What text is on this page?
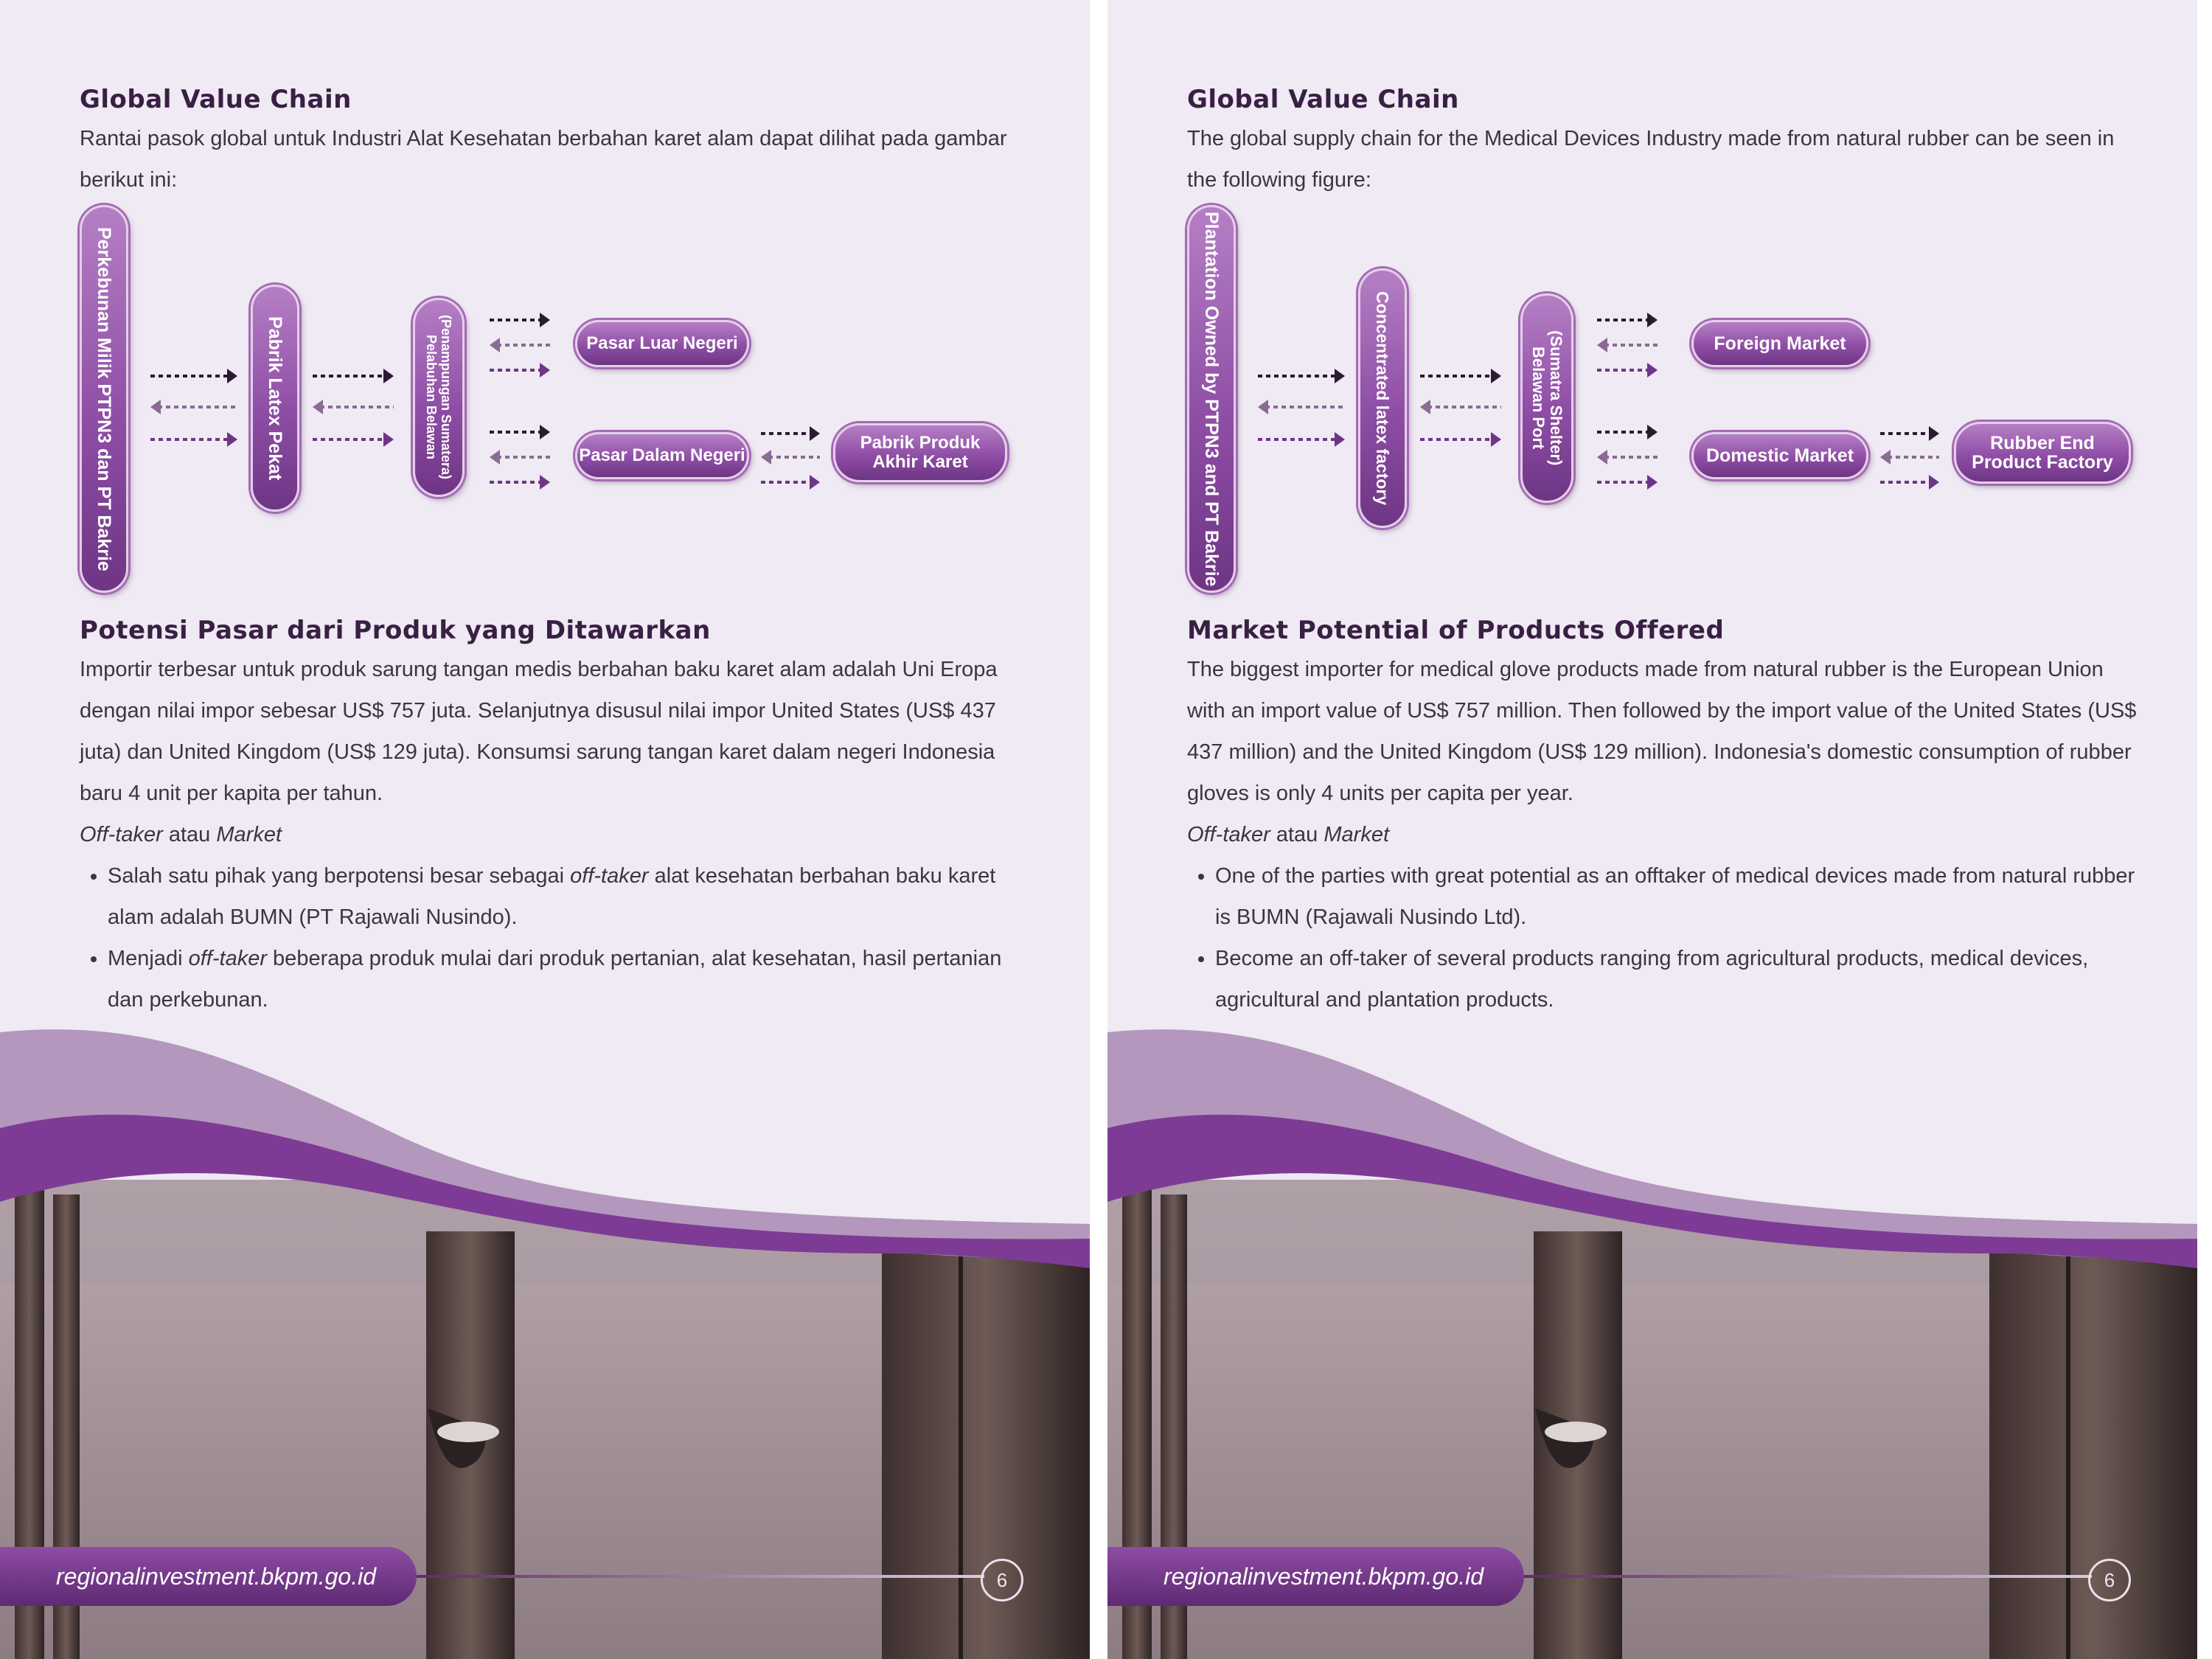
Global Value Chain

Rantai pasok global untuk Industri Alat Kesehatan berbahan karet alam dapat dilihat pada gambar berikut ini:

Perkebunan Milik PTPN3 dan PT Bakrie	Pabrik Latex Pekat	Pelabuhan Belawan (Penampungan Sumatera)	Pasar Luar Negeri
Pasar Dalam Negeri
Pabrik Produk
Akhir Karet
Potensi Pasar dari Produk yang Ditawarkan

Importir terbesar untuk produk sarung tangan medis berbahan baku karet alam adalah Uni Eropa dengan nilai impor sebesar US$ 757 juta. Selanjutnya disusul nilai impor United States (US$ 437 juta) dan United Kingdom (US$ 129 juta). Konsumsi sarung tangan karet dalam negeri Indonesia baru 4 unit per kapita per tahun.

Off-taker atau Market

• Salah satu pihak yang berpotensi besar sebagai off-taker alat kesehatan berbahan baku karet alam adalah BUMN (PT Rajawali Nusindo).
• Menjadi off-taker beberapa produk mulai dari produk pertanian, alat kesehatan, hasil pertanian dan perkebunan.
regionalinvestment.bkpm.go.id	6
Global Value Chain

The global supply chain for the Medical Devices Industry made from natural rubber can be seen in the following figure:

Plantation Owned by PTPN3 and PT Bakrie	Concentrated latex factory	Belawan Port (Sumatra Shelter)	Foreign Market
Domestic Market
Rubber End
Product Factory
Market Potential of Products Offered

The biggest importer for medical glove products made from natural rubber is the European Union with an import value of US$ 757 million. Then followed by the import value of the United States (US$ 437 million) and the United Kingdom (US$ 129 million). Indonesia's domestic consumption of rubber gloves is only 4 units per capita per year.

Off-taker atau Market

• One of the parties with great potential as an offtaker of medical devices made from natural rubber is BUMN (Rajawali Nusindo Ltd).
• Become an off-taker of several products ranging from agricultural products, medical devices, agricultural and plantation products.
regionalinvestment.bkpm.go.id	6
